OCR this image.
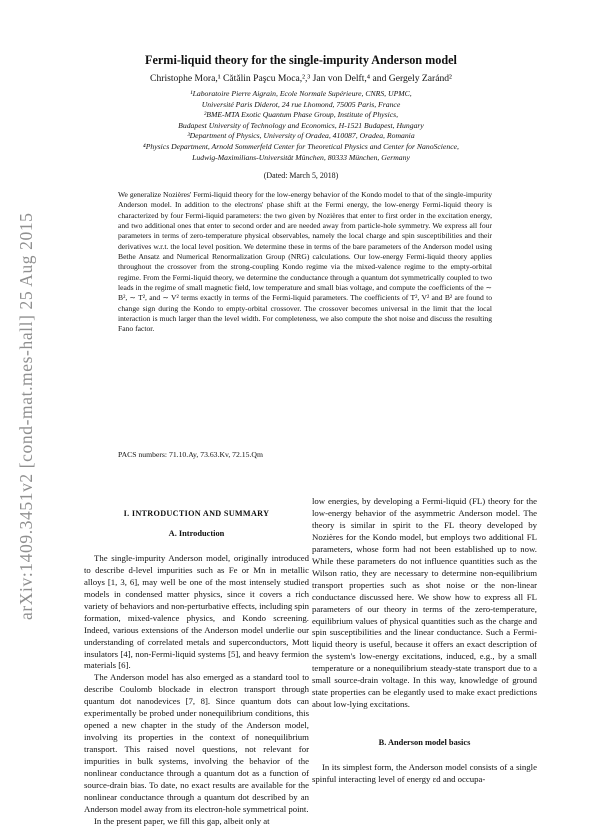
arXiv:1409.3451v2 [cond-mat.mes-hall] 25 Aug 2015
Fermi-liquid theory for the single-impurity Anderson model
Christophe Mora,¹ Cătălin Paşcu Moca,²,³ Jan von Delft,⁴ and Gergely Zaránd²
¹Laboratoire Pierre Aigrain, Ecole Normale Supérieure, CNRS, UPMC,
Université Paris Diderot, 24 rue Lhomond, 75005 Paris, France
²BME-MTA Exotic Quantum Phase Group, Institute of Physics,
Budapest University of Technology and Economics, H-1521 Budapest, Hungary
³Department of Physics, University of Oradea, 410087, Oradea, Romania
⁴Physics Department, Arnold Sommerfeld Center for Theoretical Physics and Center for NanoScience,
Ludwig-Maximilians-Universität München, 80333 München, Germany
(Dated: March 5, 2018)
We generalize Nozières' Fermi-liquid theory for the low-energy behavior of the Kondo model to that of the single-impurity Anderson model. In addition to the electrons' phase shift at the Fermi energy, the low-energy Fermi-liquid theory is characterized by four Fermi-liquid parameters: the two given by Nozières that enter to first order in the excitation energy, and two additional ones that enter to second order and are needed away from particle-hole symmetry. We express all four parameters in terms of zero-temperature physical observables, namely the local charge and spin susceptibilities and their derivatives w.r.t. the local level position. We determine these in terms of the bare parameters of the Anderson model using Bethe Ansatz and Numerical Renormalization Group (NRG) calculations. Our low-energy Fermi-liquid theory applies throughout the crossover from the strong-coupling Kondo regime via the mixed-valence regime to the empty-orbital regime. From the Fermi-liquid theory, we determine the conductance through a quantum dot symmetrically coupled to two leads in the regime of small magnetic field, low temperature and small bias voltage, and compute the coefficients of the ∼ B², ∼ T², and ∼ V² terms exactly in terms of the Fermi-liquid parameters. The coefficients of T², V² and B² are found to change sign during the Kondo to empty-orbital crossover. The crossover becomes universal in the limit that the local interaction is much larger than the level width. For completeness, we also compute the shot noise and discuss the resulting Fano factor.
PACS numbers: 71.10.Ay, 73.63.Kv, 72.15.Qm

I. INTRODUCTION AND SUMMARY

A. Introduction

The single-impurity Anderson model, originally introduced to describe d-level impurities such as Fe or Mn in metallic alloys [1, 3, 6], may well be one of the most intensely studied models in condensed matter physics, since it covers a rich variety of behaviors and non-perturbative effects, including spin formation, mixed-valence physics, and Kondo screening. Indeed, various extensions of the Anderson model underlie our understanding of correlated metals and superconductors, Mott insulators [4], non-Fermi-liquid systems [5], and heavy fermion materials [6].

The Anderson model has also emerged as a standard tool to describe Coulomb blockade in electron transport through quantum dot nanodevices [7, 8]. Since quantum dots can experimentally be probed under nonequilibrium conditions, this opened a new chapter in the study of the Anderson model, involving its properties in the context of nonequilibrium transport. This raised novel questions, not relevant for impurities in bulk systems, involving the behavior of the nonlinear conductance through a quantum dot as a function of source-drain bias. To date, no exact results are available for the nonlinear conductance through a quantum dot described by an Anderson model away from its electron-hole symmetrical point.

In the present paper, we fill this gap, albeit only at

low energies, by developing a Fermi-liquid (FL) theory for the low-energy behavior of the asymmetric Anderson model. The theory is similar in spirit to the FL theory developed by Nozières for the Kondo model, but employs two additional FL parameters, whose form had not been established up to now. While these parameters do not influence quantities such as the Wilson ratio, they are necessary to determine non-equilibrium transport properties such as shot noise or the non-linear conductance discussed here. We show how to express all FL parameters of our theory in terms of the zero-temperature, equilibrium values of physical quantities such as the charge and spin susceptibilities and the linear conductance. Such a Fermi-liquid theory is useful, because it offers an exact description of the system's low-energy excitations, induced, e.g., by a small temperature or a nonequilibrium steady-state transport due to a small source-drain voltage. In this way, knowledge of ground state properties can be elegantly used to make exact predictions about low-lying excitations.

B. Anderson model basics

In its simplest form, the Anderson model consists of a single spinful interacting level of energy εd and occupa-
